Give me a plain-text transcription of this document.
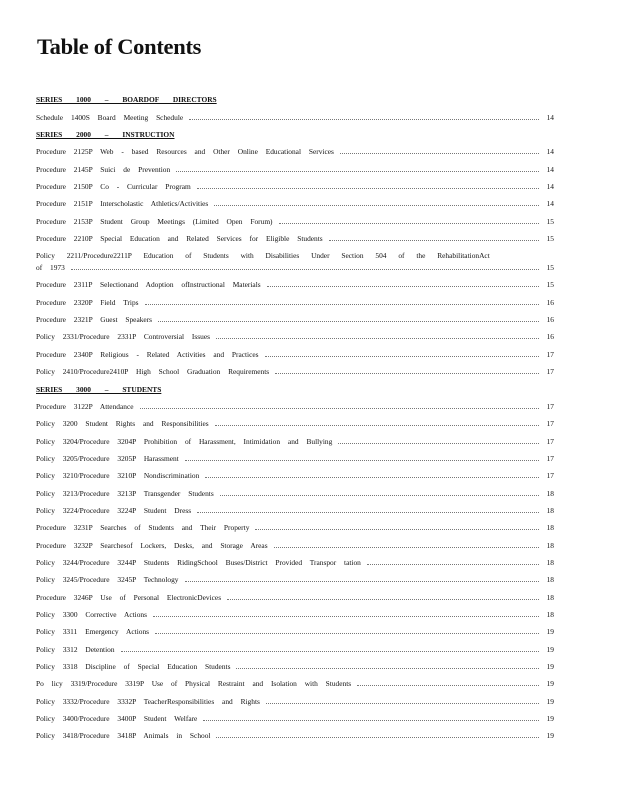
Table of Contents
SERIES 1000 – BOARDOF DIRECTORS
Schedule 1400S Board Meeting Schedule	14
SERIES 2000 – INSTRUCTION
Procedure 2125P Web - based Resources and Other Online Educational Services	14
Procedure 2145P Suici de Prevention	14
Procedure 2150P Co - Curricular Program	14
Procedure 2151P Interscholastic Athletics/Activities	14
Procedure 2153P Student Group Meetings (Limited Open Forum)	15
Procedure 2210P Special Education and Related Services for Eligible Students	15
Policy 2211/Procedure2211P Education of Students with Disabilities Under Section 504 of the RehabilitationAct
of 1973	15
Procedure 2311P Selectionand Adoption ofInstructional Materials	15
Procedure 2320P Field Trips	16
Procedure 2321P Guest Speakers	16
Policy 2331/Procedure 2331P Controversial Issues	16
Procedure 2340P Religious - Related Activities and Practices	17
Policy 2410/Procedure2410P High School Graduation Requirements	17
SERIES 3000 – STUDENTS
Procedure 3122P Attendance	17
Policy 3200 Student Rights and Responsibilities	17
Policy 3204/Procedure 3204P Prohibition of Harassment, Intimidation and Bullying	17
Policy 3205/Procedure 3205P Harassment	17
Policy 3210/Procedure 3210P Nondiscrimination	17
Policy 3213/Procedure 3213P Transgender Students	18
Policy 3224/Procedure 3224P Student Dress	18
Procedure 3231P Searches of Students and Their Property	18
Procedure 3232P Searchesof Lockers, Desks, and Storage Areas	18
Policy 3244/Procedure 3244P Students RidingSchool Buses/District Provided Transpor tation	18
Policy 3245/Procedure 3245P Technology	18
Procedure 3246P Use of Personal ElectronicDevices	18
Policy 3300 Corrective Actions	18
Policy 3311 Emergency Actions	19
Policy 3312 Detention	19
Policy 3318 Discipline of Special Education Students	19
Po licy 3319/Procedure 3319P Use of Physical Restraint and Isolation with Students	19
Policy 3332/Procedure 3332P TeacherResponsibilities and Rights	19
Policy 3400/Procedure 3400P Student Welfare	19
Policy 3418/Procedure 3418P Animals in School	19
